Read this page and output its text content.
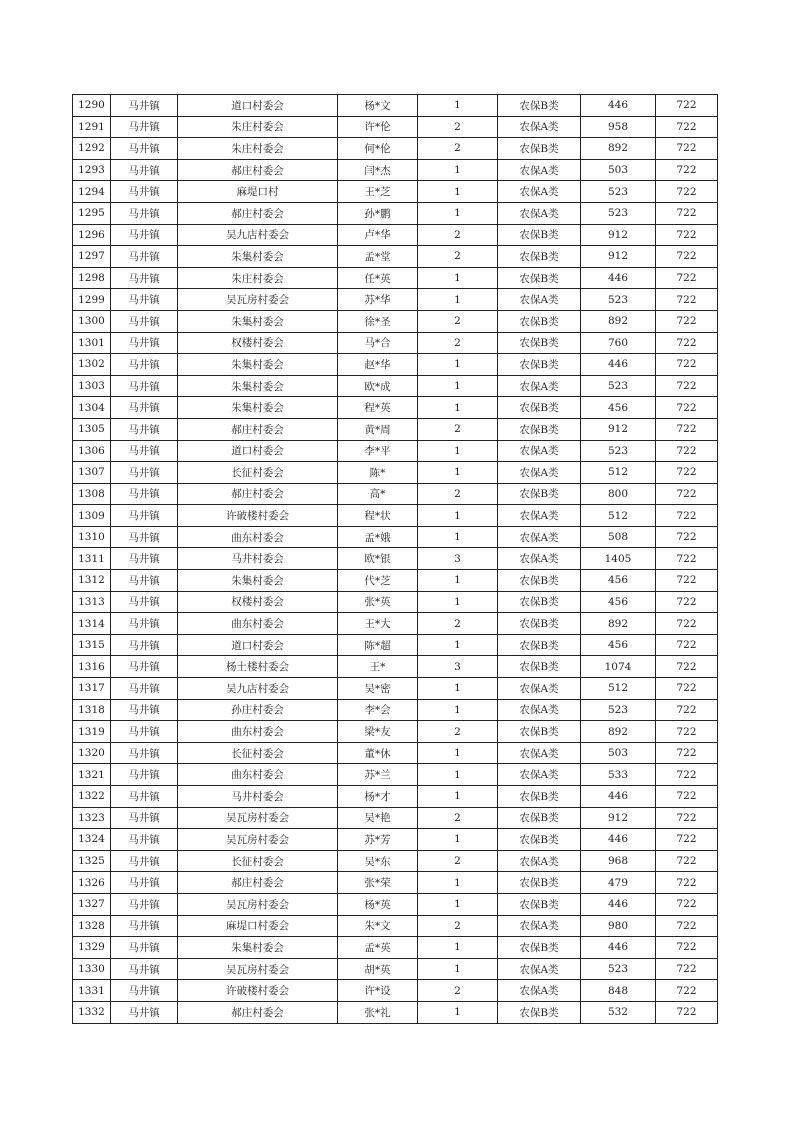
1290	马井镇	道口村委会	杨*文	1	农保B类	446	722
1291	马井镇	朱庄村委会	许*伦	2	农保A类	958	722
1292	马井镇	朱庄村委会	何*伦	2	农保B类	892	722
1293	马井镇	郝庄村委会	闫*杰	1	农保A类	503	722
1294	马井镇	麻堤口村	王*芝	1	农保A类	523	722
1295	马井镇	郝庄村委会	孙*鹏	1	农保A类	523	722
1296	马井镇	吴九店村委会	卢*华	2	农保B类	912	722
1297	马井镇	朱集村委会	孟*堂	2	农保B类	912	722
1298	马井镇	朱庄村委会	任*英	1	农保B类	446	722
1299	马井镇	吴瓦房村委会	苏*华	1	农保A类	523	722
1300	马井镇	朱集村委会	徐*圣	2	农保B类	892	722
1301	马井镇	权楼村委会	马*合	2	农保B类	760	722
1302	马井镇	朱集村委会	赵*华	1	农保B类	446	722
1303	马井镇	朱集村委会	欧*成	1	农保A类	523	722
1304	马井镇	朱集村委会	程*英	1	农保B类	456	722
1305	马井镇	郝庄村委会	黄*周	2	农保B类	912	722
1306	马井镇	道口村委会	李*平	1	农保A类	523	722
1307	马井镇	长征村委会	陈*	1	农保A类	512	722
1308	马井镇	郝庄村委会	高*	2	农保B类	800	722
1309	马井镇	许破楼村委会	程*状	1	农保A类	512	722
1310	马井镇	曲东村委会	孟*娥	1	农保A类	508	722
1311	马井镇	马井村委会	欧*银	3	农保A类	1405	722
1312	马井镇	朱集村委会	代*芝	1	农保B类	456	722
1313	马井镇	权楼村委会	张*英	1	农保B类	456	722
1314	马井镇	曲东村委会	王*大	2	农保B类	892	722
1315	马井镇	道口村委会	陈*超	1	农保B类	456	722
1316	马井镇	杨土楼村委会	王*	3	农保B类	1074	722
1317	马井镇	吴九店村委会	吴*密	1	农保A类	512	722
1318	马井镇	孙庄村委会	李*会	1	农保A类	523	722
1319	马井镇	曲东村委会	梁*友	2	农保B类	892	722
1320	马井镇	长征村委会	董*休	1	农保A类	503	722
1321	马井镇	曲东村委会	苏*兰	1	农保A类	533	722
1322	马井镇	马井村委会	杨*才	1	农保B类	446	722
1323	马井镇	吴瓦房村委会	吴*艳	2	农保B类	912	722
1324	马井镇	吴瓦房村委会	苏*芳	1	农保B类	446	722
1325	马井镇	长征村委会	吴*东	2	农保A类	968	722
1326	马井镇	郝庄村委会	张*荣	1	农保B类	479	722
1327	马井镇	吴瓦房村委会	杨*英	1	农保B类	446	722
1328	马井镇	麻堤口村委会	朱*文	2	农保A类	980	722
1329	马井镇	朱集村委会	孟*英	1	农保B类	446	722
1330	马井镇	吴瓦房村委会	胡*英	1	农保A类	523	722
1331	马井镇	许破楼村委会	许*设	2	农保A类	848	722
1332	马井镇	郝庄村委会	张*礼	1	农保B类	532	722
